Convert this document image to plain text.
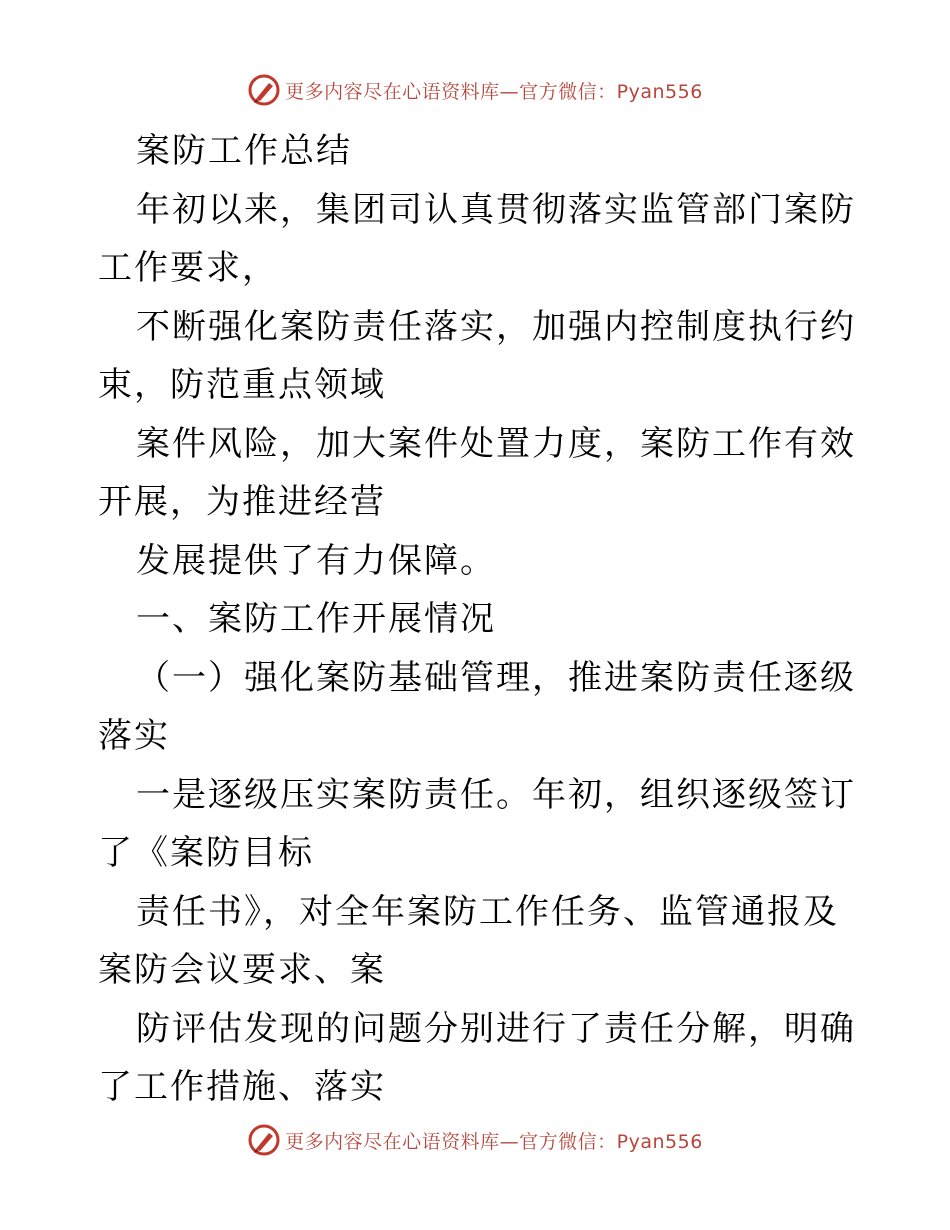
更多内容尽在心语资料库—官方微信：Pyan556

案防工作总结

年初以来，集团司认真贯彻落实监管部门案防工作要求，

不断强化案防责任落实，加强内控制度执行约束，防范重点领域

案件风险，加大案件处置力度，案防工作有效开展，为推进经营

发展提供了有力保障。

一、案防工作开展情况

（一）强化案防基础管理，推进案防责任逐级落实

一是逐级压实案防责任。年初，组织逐级签订了《案防目标

责任书》，对全年案防工作任务、监管通报及案防会议要求、案

防评估发现的问题分别进行了责任分解，明确了工作措施、落实

更多内容尽在心语资料库—官方微信：Pyan556
